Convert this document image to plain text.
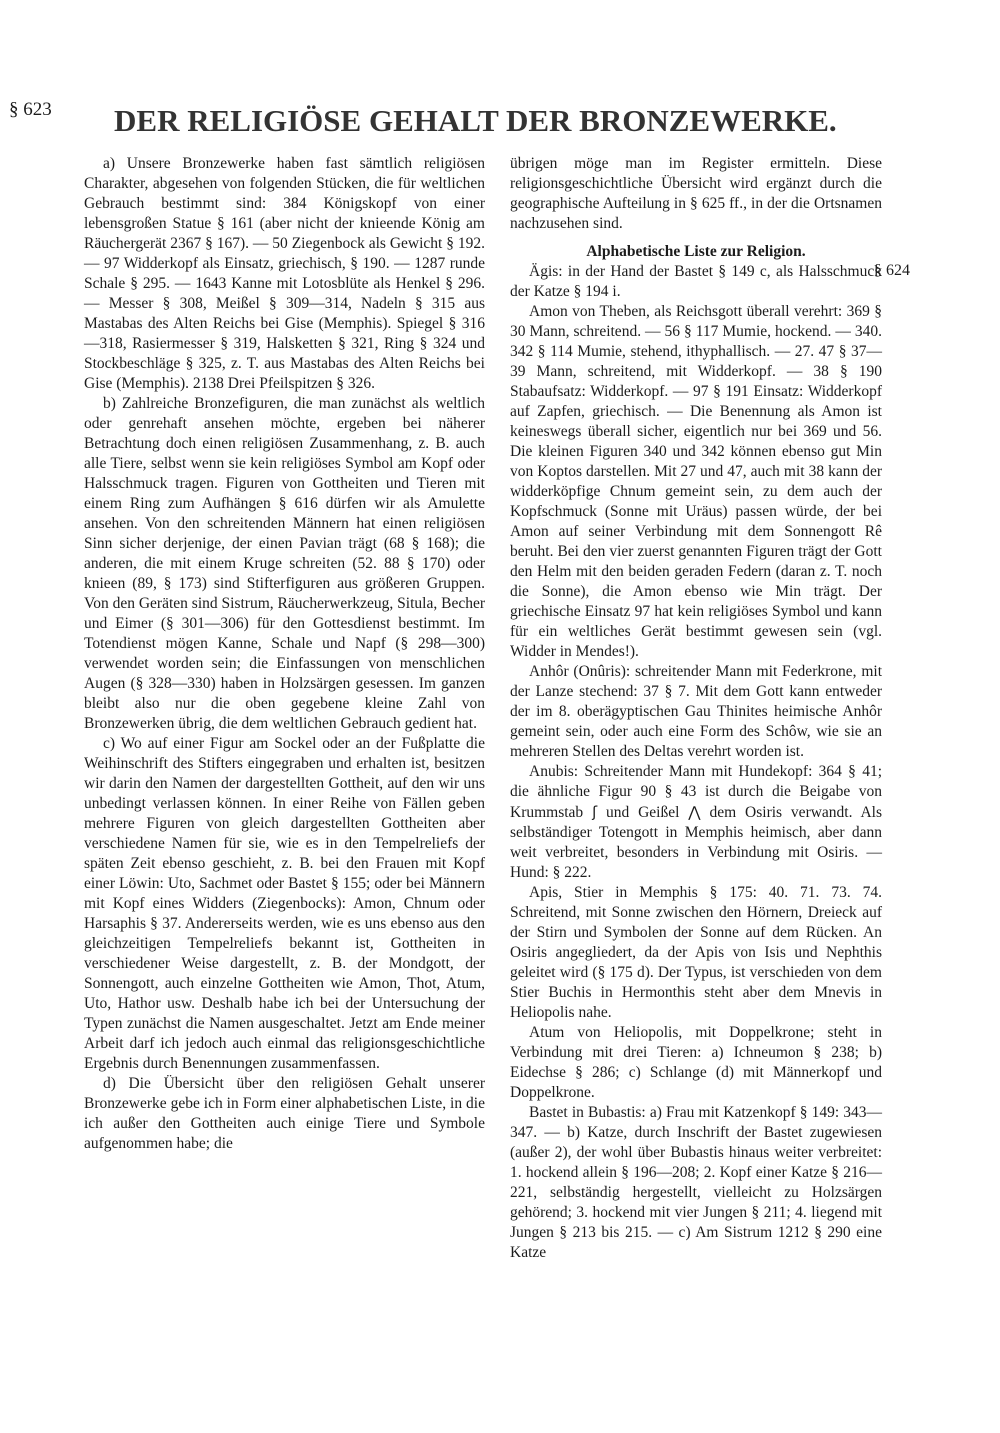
§ 623 DER RELIGIÖSE GEHALT DER BRONZEWERKE.

a) Unsere Bronzewerke haben fast sämtlich religiösen Charakter, abgesehen von folgenden Stücken, die für weltlichen Gebrauch bestimmt sind: 384 Königskopf von einer lebensgroßen Statue § 161 (aber nicht der knieende König am Räuchergerät 2367 § 167). — 50 Ziegenbock als Gewicht § 192. — 97 Widderkopf als Einsatz, griechisch, § 190. — 1287 runde Schale § 295. — 1643 Kanne mit Lotosblüte als Henkel § 296. — Messer § 308, Meißel § 309—314, Nadeln § 315 aus Mastabas des Alten Reichs bei Gise (Memphis). Spiegel § 316—318, Rasiermesser § 319, Halsketten § 321, Ring § 324 und Stockbeschläge § 325, z. T. aus Mastabas des Alten Reichs bei Gise (Memphis). 2138 Drei Pfeilspitzen § 326.

b) Zahlreiche Bronzefiguren, die man zunächst als weltlich oder genrehaft ansehen möchte, ergeben bei näherer Betrachtung doch einen religiösen Zusammenhang, z. B. auch alle Tiere, selbst wenn sie kein religiöses Symbol am Kopf oder Halsschmuck tragen. Figuren von Gottheiten und Tieren mit einem Ring zum Aufhängen § 616 dürfen wir als Amulette ansehen. Von den schreitenden Männern hat einen religiösen Sinn sicher derjenige, der einen Pavian trägt (68 § 168); die anderen, die mit einem Kruge schreiten (52. 88 § 170) oder knieen (89, § 173) sind Stifterfiguren aus größeren Gruppen. Von den Geräten sind Sistrum, Räucherwerkzeug, Situla, Becher und Eimer (§ 301—306) für den Gottesdienst bestimmt. Im Totendienst mögen Kanne, Schale und Napf (§ 298—300) verwendet worden sein; die Einfassungen von menschlichen Augen (§ 328—330) haben in Holzsärgen gesessen. Im ganzen bleibt also nur die oben gegebene kleine Zahl von Bronzewerken übrig, die dem weltlichen Gebrauch gedient hat.

c) Wo auf einer Figur am Sockel oder an der Fußplatte die Weihinschrift des Stifters eingegraben und erhalten ist, besitzen wir darin den Namen der dargestellten Gottheit, auf den wir uns unbedingt verlassen können. In einer Reihe von Fällen geben mehrere Figuren von gleich dargestellten Gottheiten aber verschiedene Namen für sie, wie es in den Tempelreliefs der späten Zeit ebenso geschieht, z. B. bei den Frauen mit Kopf einer Löwin: Uto, Sachmet oder Bastet § 155; oder bei Männern mit Kopf eines Widders (Ziegenbocks): Amon, Chnum oder Harsaphis § 37. Andererseits werden, wie es uns ebenso aus den gleichzeitigen Tempelreliefs bekannt ist, Gottheiten in verschiedener Weise dargestellt, z. B. der Mondgott, der Sonnengott, auch einzelne Gottheiten wie Amon, Thot, Atum, Uto, Hathor usw. Deshalb habe ich bei der Untersuchung der Typen zunächst die Namen ausgeschaltet. Jetzt am Ende meiner Arbeit darf ich jedoch auch einmal das religionsgeschichtliche Ergebnis durch Benennungen zusammenfassen.

d) Die Übersicht über den religiösen Gehalt unserer Bronzewerke gebe ich in Form einer alphabetischen Liste, in die ich außer den Gottheiten auch einige Tiere und Symbole aufgenommen habe; die

§ 624

übrigen möge man im Register ermitteln. Diese religionsgeschichtliche Übersicht wird ergänzt durch die geographische Aufteilung in § 625 ff., in der die Ortsnamen nachzusehen sind.

Alphabetische Liste zur Religion.

Ägis: in der Hand der Bastet § 149 c, als Halsschmuck der Katze § 194 i.

Amon von Theben, als Reichsgott überall verehrt: 369 § 30 Mann, schreitend. — 56 § 117 Mumie, hockend. — 340. 342 § 114 Mumie, stehend, ithyphallisch. — 27. 47 § 37—39 Mann, schreitend, mit Widderkopf. — 38 § 190 Stabaufsatz: Widderkopf. — 97 § 191 Einsatz: Widderkopf auf Zapfen, griechisch. — Die Benennung als Amon ist keineswegs überall sicher, eigentlich nur bei 369 und 56. Die kleinen Figuren 340 und 342 können ebenso gut Min von Koptos darstellen. Mit 27 und 47, auch mit 38 kann der widderköpfige Chnum gemeint sein, zu dem auch der Kopfschmuck (Sonne mit Uräus) passen würde, der bei Amon auf seiner Verbindung mit dem Sonnengott Rê beruht. Bei den vier zuerst genannten Figuren trägt der Gott den Helm mit den beiden geraden Federn (daran z. T. noch die Sonne), die Amon ebenso wie Min trägt. Der griechische Einsatz 97 hat kein religiöses Symbol und kann für ein weltliches Gerät bestimmt gewesen sein (vgl. Widder in Mendes!).

Anhôr (Onûris): schreitender Mann mit Federkrone, mit der Lanze stechend: 37 § 7. Mit dem Gott kann entweder der im 8. oberägyptischen Gau Thinites heimische Anhôr gemeint sein, oder auch eine Form des Schôw, wie sie an mehreren Stellen des Deltas verehrt worden ist.

Anubis: Schreitender Mann mit Hundekopf: 364 § 41; die ähnliche Figur 90 § 43 ist durch die Beigabe von Krummstab ʃ und Geißel ⋀ dem Osiris verwandt. Als selbständiger Totengott in Memphis heimisch, aber dann weit verbreitet, besonders in Verbindung mit Osiris. — Hund: § 222.

Apis, Stier in Memphis § 175: 40. 71. 73. 74. Schreitend, mit Sonne zwischen den Hörnern, Dreieck auf der Stirn und Symbolen der Sonne auf dem Rücken. An Osiris angegliedert, da der Apis von Isis und Nephthis geleitet wird (§ 175 d). Der Typus, ist verschieden von dem Stier Buchis in Hermonthis steht aber dem Mnevis in Heliopolis nahe.

Atum von Heliopolis, mit Doppelkrone; steht in Verbindung mit drei Tieren: a) Ichneumon § 238; b) Eidechse § 286; c) Schlange (d) mit Männerkopf und Doppelkrone.

Bastet in Bubastis: a) Frau mit Katzenkopf § 149: 343—347. — b) Katze, durch Inschrift der Bastet zugewiesen (außer 2), der wohl über Bubastis hinaus weiter verbreitet: 1. hockend allein § 196—208; 2. Kopf einer Katze § 216—221, selbständig hergestellt, vielleicht zu Holzsärgen gehörend; 3. hockend mit vier Jungen § 211; 4. liegend mit Jungen § 213 bis 215. — c) Am Sistrum 1212 § 290 eine Katze
